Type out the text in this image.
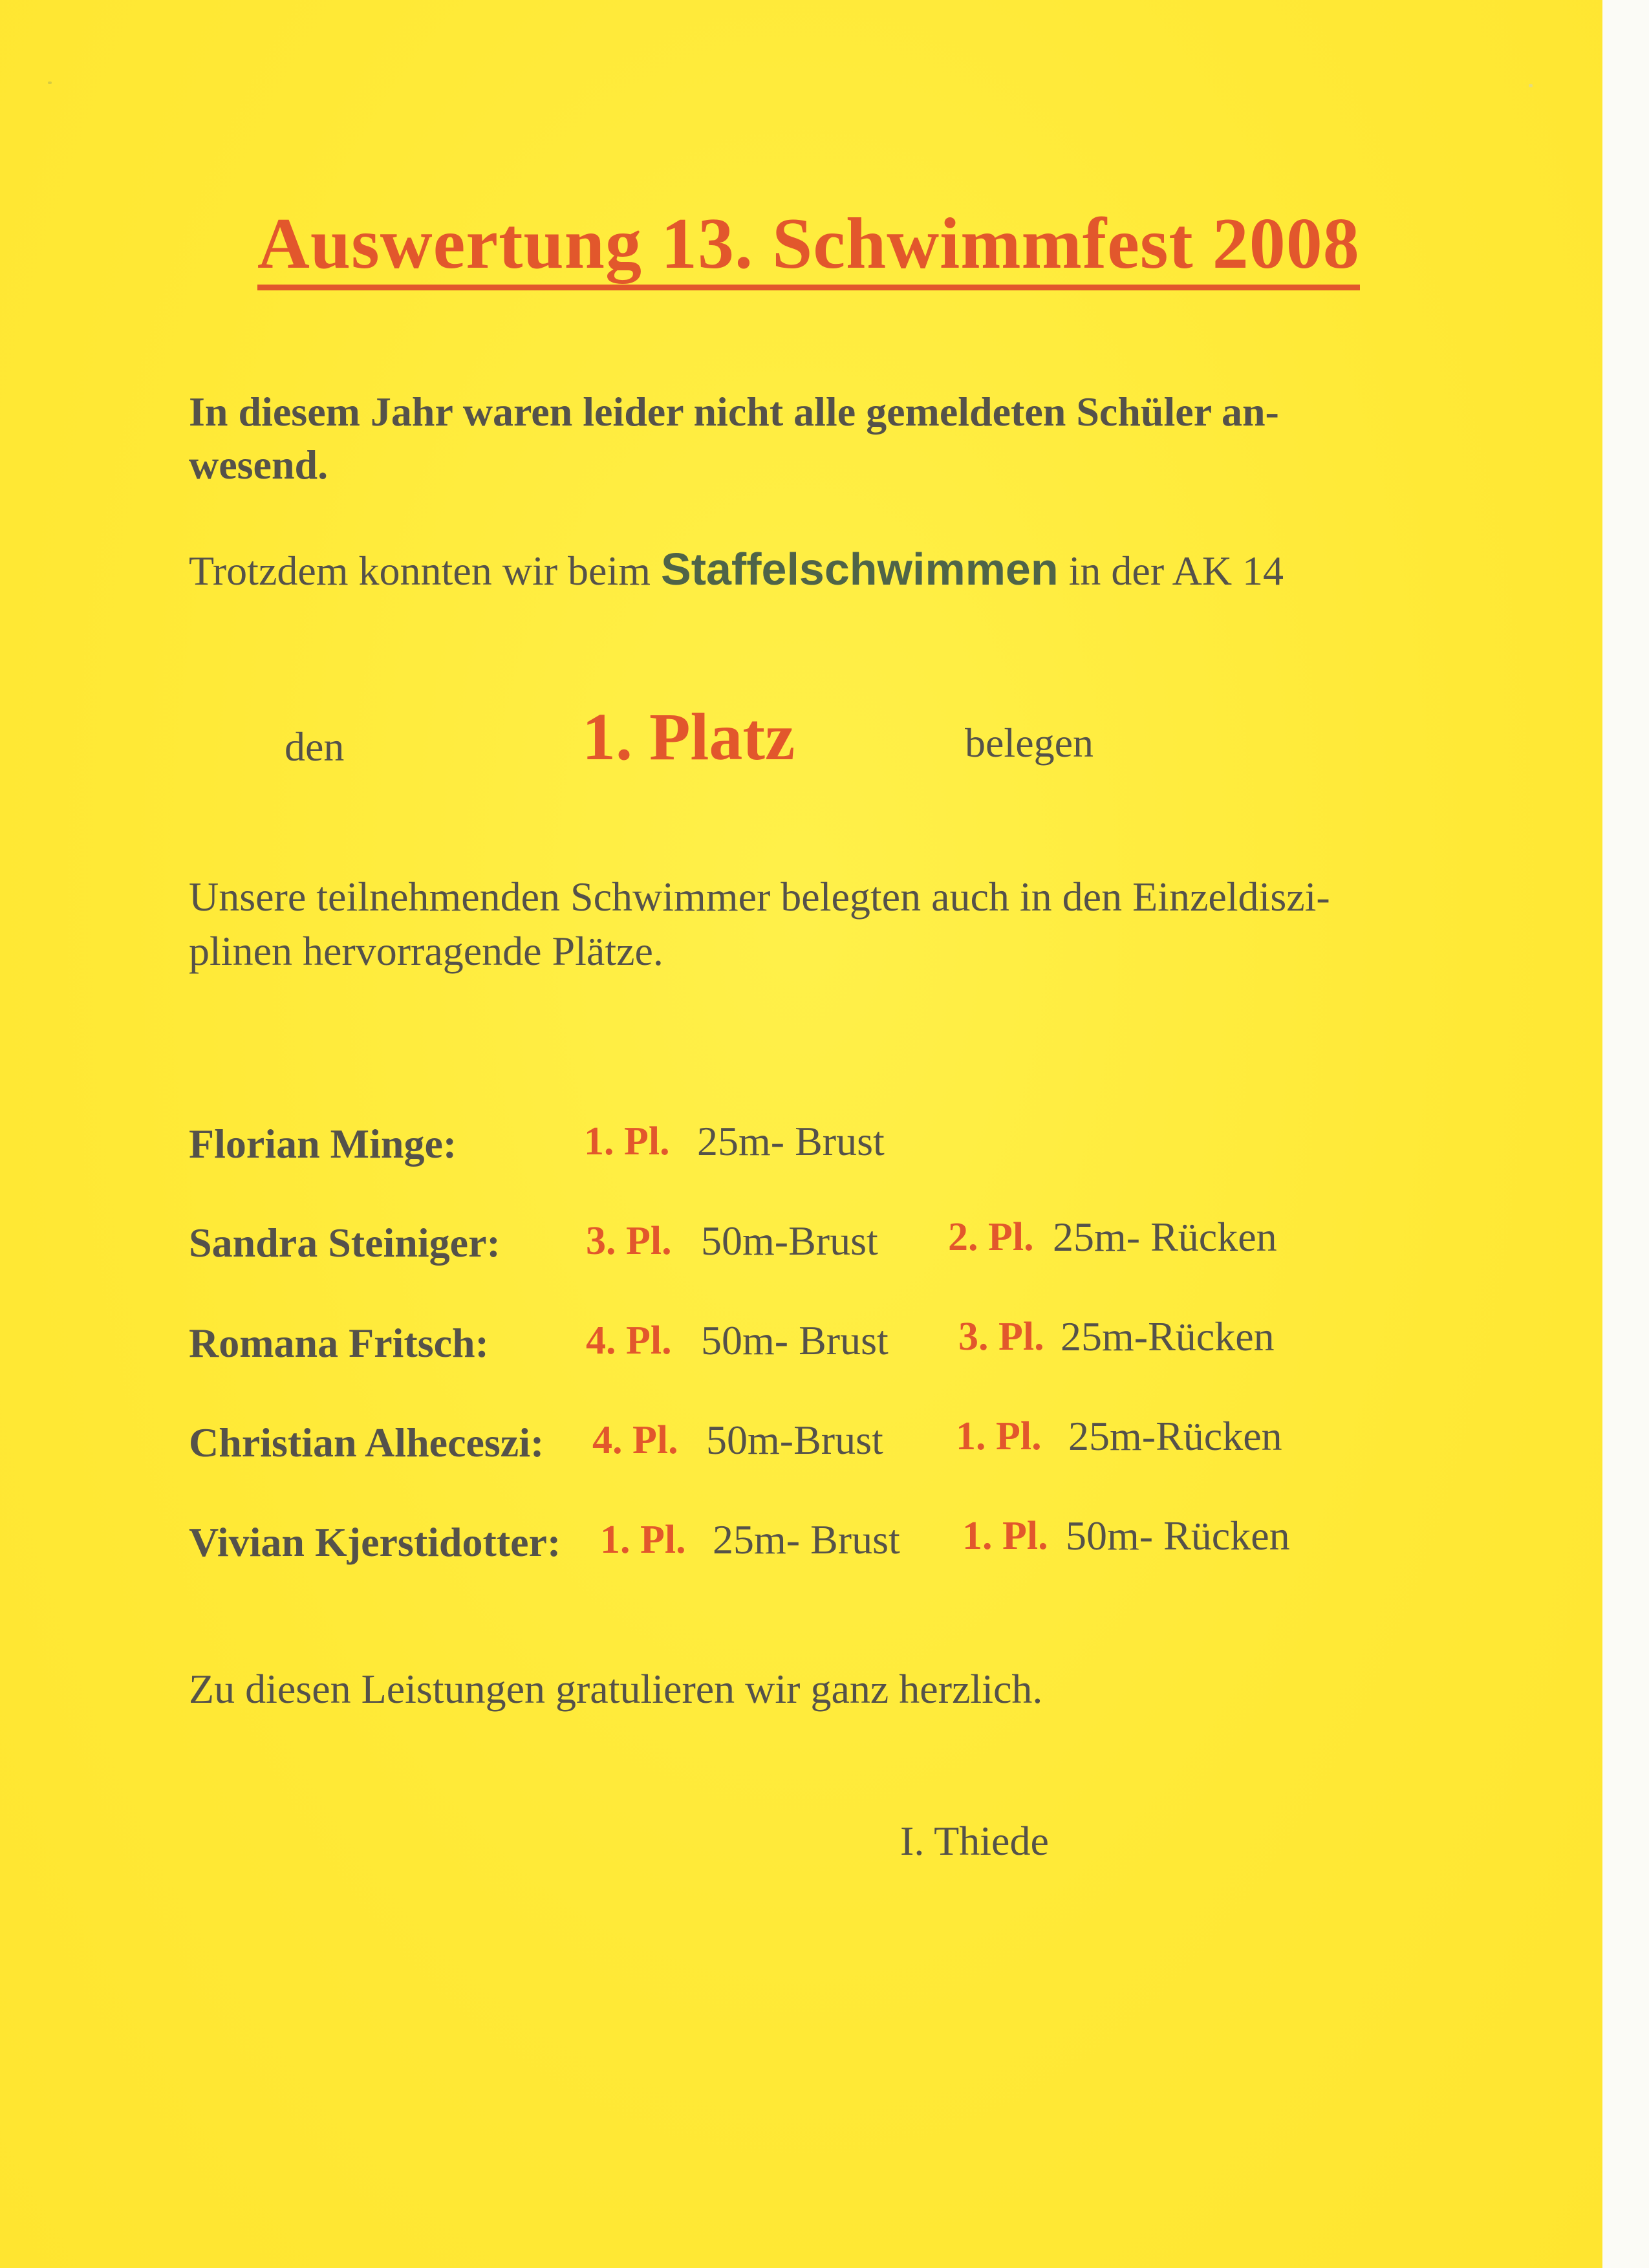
Auswertung 13. Schwimmfest 2008
In diesem Jahr waren leider nicht alle gemeldeten Schüler an-
wesend.
Trotzdem konnten wir beim Staffelschwimmen in der AK 14
den	1. Platz	belegen
Unsere teilnehmenden Schwimmer belegten auch in den Einzeldiszi-
plinen hervorragende Plätze.
Florian Minge:	1. Pl. 25m- Brust
Sandra Steiniger: 3. Pl. 50m-Brust 2. Pl. 25m- Rücken
Romana Fritsch: 4. Pl. 50m- Brust 3. Pl. 25m-Rücken
Christian Alheceszi: 4. Pl. 50m-Brust 1. Pl. 25m-Rücken
Vivian Kjerstidotter: 1. Pl. 25m- Brust 1. Pl. 50m- Rücken
Zu diesen Leistungen gratulieren wir ganz herzlich.
I. Thiede
